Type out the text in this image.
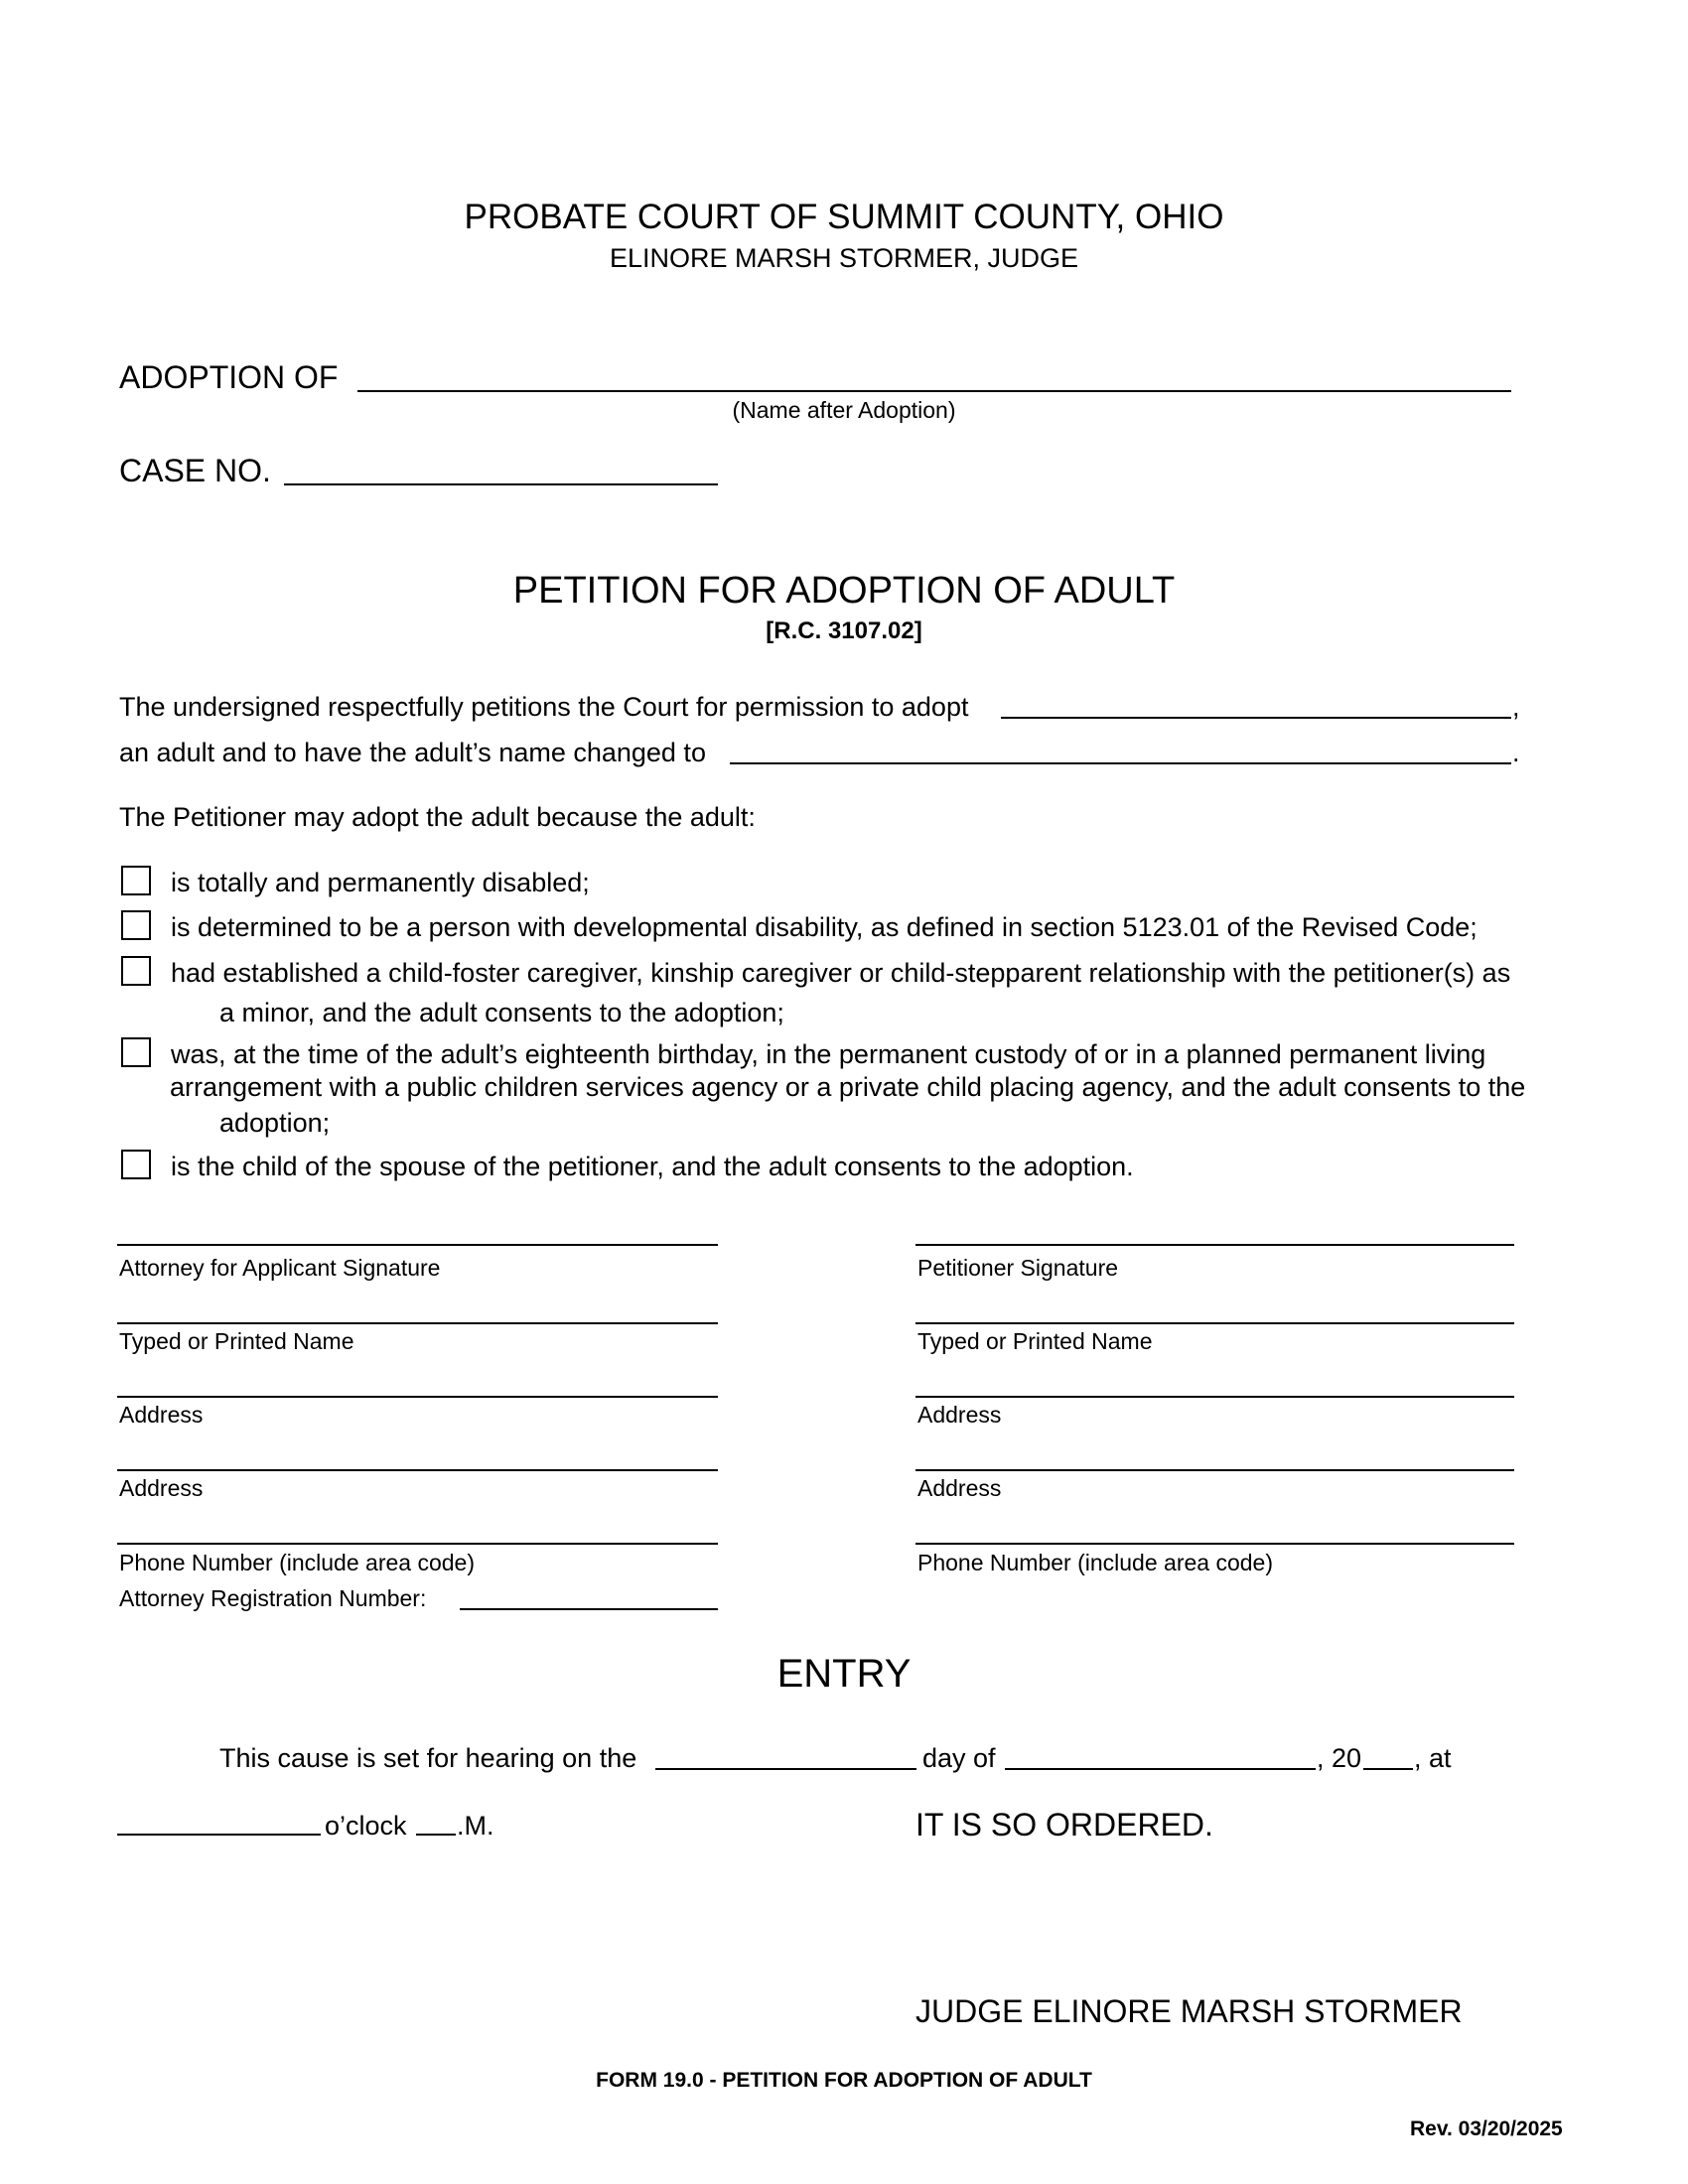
PROBATE COURT OF SUMMIT COUNTY, OHIO
ELINORE MARSH STORMER, JUDGE
ADOPTION OF
(Name after Adoption)
CASE NO.
PETITION FOR ADOPTION OF ADULT
[R.C. 3107.02]
The undersigned respectfully petitions the Court for permission to adopt	,
an adult and to have the adult’s name changed to	.
The Petitioner may adopt the adult because the adult:
is totally and permanently disabled;
is determined to be a person with developmental disability, as defined in section 5123.01 of the Revised Code;
had established a child-foster caregiver, kinship caregiver or child-stepparent relationship with the petitioner(s) as
a minor, and the adult consents to the adoption;
was, at the time of the adult’s eighteenth birthday, in the permanent custody of or in a planned permanent living
arrangement with a public children services agency or a private child placing agency, and the adult consents to the
adoption;
is the child of the spouse of the petitioner, and the adult consents to the adoption.
Attorney for Applicant Signature
Typed or Printed Name
Address
Address
Phone Number (include area code)
Attorney Registration Number:
Petitioner Signature
Typed or Printed Name
Address
Address
Phone Number (include area code)
ENTRY
This cause is set for hearing on the	day of	, 20 , at
o’clock .M.	IT IS SO ORDERED.
JUDGE ELINORE MARSH STORMER
FORM 19.0 - PETITION FOR ADOPTION OF ADULT
Rev. 03/20/2025
